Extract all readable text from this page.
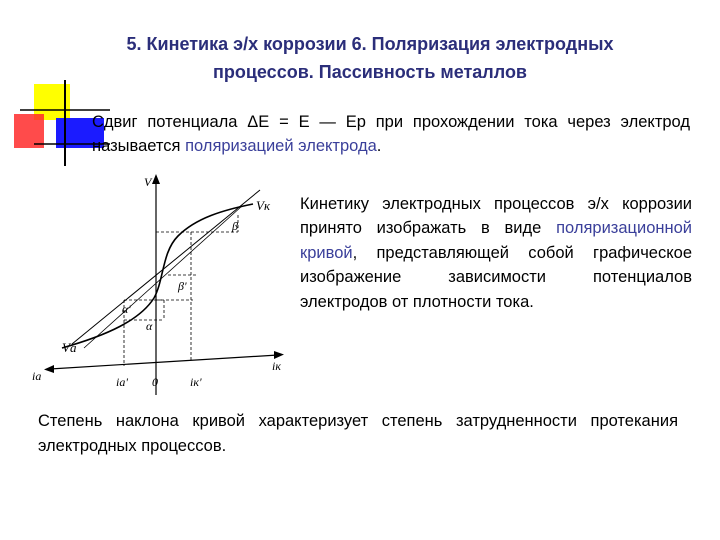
5. Кинетика э/х коррозии 6. Поляризация электродных
процессов. Пассивность металлов
Сдвиг потенциала ΔE = E — Ep при прохождении тока через электрод называется поляризацией электрода.
Кинетику электродных процессов э/х коррозии принято изображать в виде поляризационной кривой, представляющей собой графическое изображение зависимости потенциалов электродов от плотности тока.
Степень наклона кривой характеризует степень затрудненности протекания электродных процессов.
V
Vк
Vа
iа
iк
iа' 0	iк'
β
β'
α
α'
